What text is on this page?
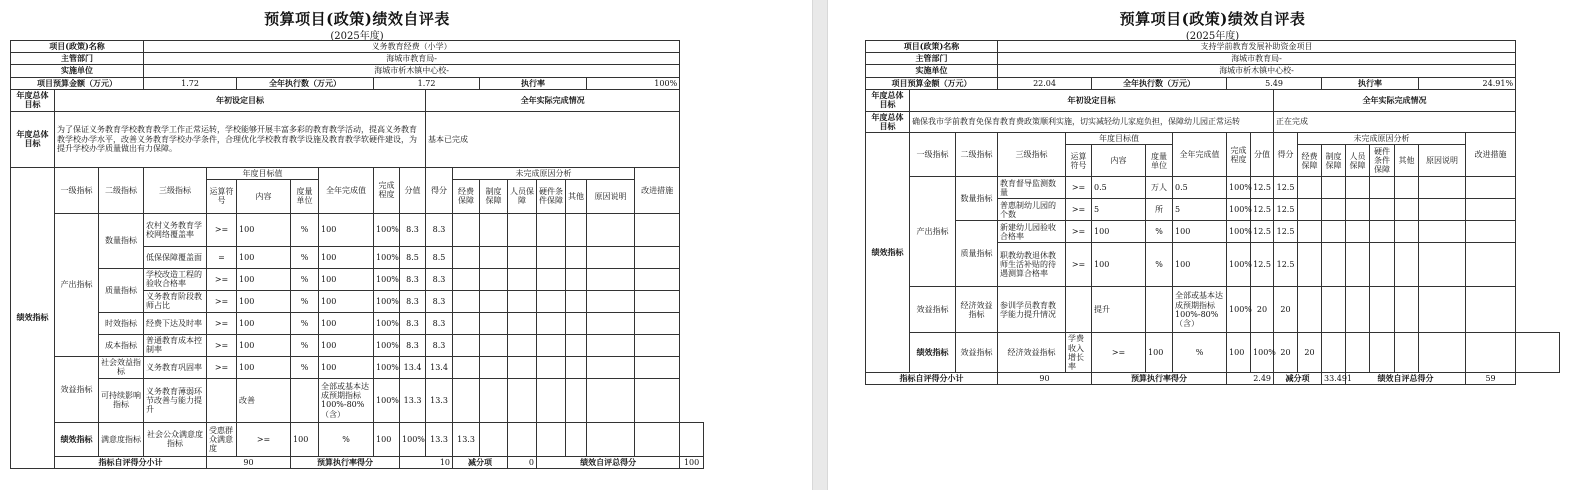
预算项目(政策)绩效自评表
(2025年度)
项目(政策)名称			义务教育经费（小学）															
主管部门			海城市教育局-															
实施单位			海城市析木镇中心校-															
项目预算金额（万元）			1.72		全年执行数（万元）			1.72				执行率				100%		
年度总体目标	年初设定目标									全年实际完成情况								
年度总体目标	为了保证义务教育学校教育教学工作正常运转，学校能够开展丰富多彩的教育教学活动，提高义务教育教学校办学水平，改善义务教育学校办学条件，合理优化学校教育教学设施及教育教学软硬件建设，为提升学校办学质量做出有力保障。									基本已完成								
绩效指标	一级指标	二级指标	三级指标	年度目标值			全年完成值	完成程度	分值	得分	未完成原因分析						改进措施	
				运算符号	内容	度量单位					经费保障	制度保障	人员保障	硬件条件保障	其他	原因说明		
	产出指标	数量指标	农村义务教育学校网络覆盖率	>=	100	%	100	100%	8.3	8.3								
			低保保障覆盖面	=	100	%	100	100%	8.5	8.5								
		质量指标	学校改造工程的验收合格率	>=	100	%	100	100%	8.3	8.3								
			义务教育阶段教师占比	>=	100	%	100	100%	8.3	8.3								
		时效指标	经费下达及时率	>=	100	%	100	100%	8.3	8.3								
		成本指标	普通教育成本控制率	>=	100	%	100	100%	8.3	8.3								
	效益指标	社会效益指标	义务教育巩固率	>=	100	%	100	100%	13.4	13.4								
		可持续影响指标	义务教育薄弱环节改善与能力提升		改善		全部或基本达成预期指标100%-80%（含）	100%	13.3	13.3								
	绩效指标	满意度指标	社会公众满意度指标	受惠群众满意度	>=	100	%	100	100%	13.3	13.3							
	指标自评得分小计			90		预算执行率得分			10		减分项		0	绩效自评总得分				100
预算项目(政策)绩效自评表
(2025年度)
项目(政策)名称			支持学前教育发展补助资金项目															
主管部门			海城市教育局-															
实施单位			海城市析木镇中心校-															
项目预算金额（万元）			22.04		全年执行数（万元）			5.49				执行率				24.91%		
年度总体目标	年初设定目标									全年实际完成情况								
年度总体目标	确保我市学前教育免保育教育费政策顺利实施，切实减轻幼儿家庭负担，保障幼儿园正常运转									正在完成								
绩效指标	一级指标	二级指标	三级指标	年度目标值			全年完成值	完成程度	分值	得分	未完成原因分析						改进措施	
				运算符号	内容	度量单位					经费保障	制度保障	人员保障	硬件条件保障	其他	原因说明		
	产出指标	数量指标	教育督导监测数量	>=	0.5	万人	0.5	100%	12.5	12.5								
			普惠制幼儿园的个数	>=	5	所	5	100%	12.5	12.5								
		质量指标	新建幼儿园验收合格率	>=	100	%	100	100%	12.5	12.5								
			职教幼教退休教师生活补贴的待遇测算合格率	>=	100	%	100	100%	12.5	12.5								
	效益指标	经济效益指标	参训学员教育教学能力提升情况		提升		全部或基本达成预期指标100%-80%（含）	100%	20	20								
	绩效指标	效益指标	经济效益指标	学费收入增长率	>=	100	%	100	100%	20	20							
指标自评得分小计			90		预算执行率得分			2.49		减分项		33.491	绩效自评总得分				59	
